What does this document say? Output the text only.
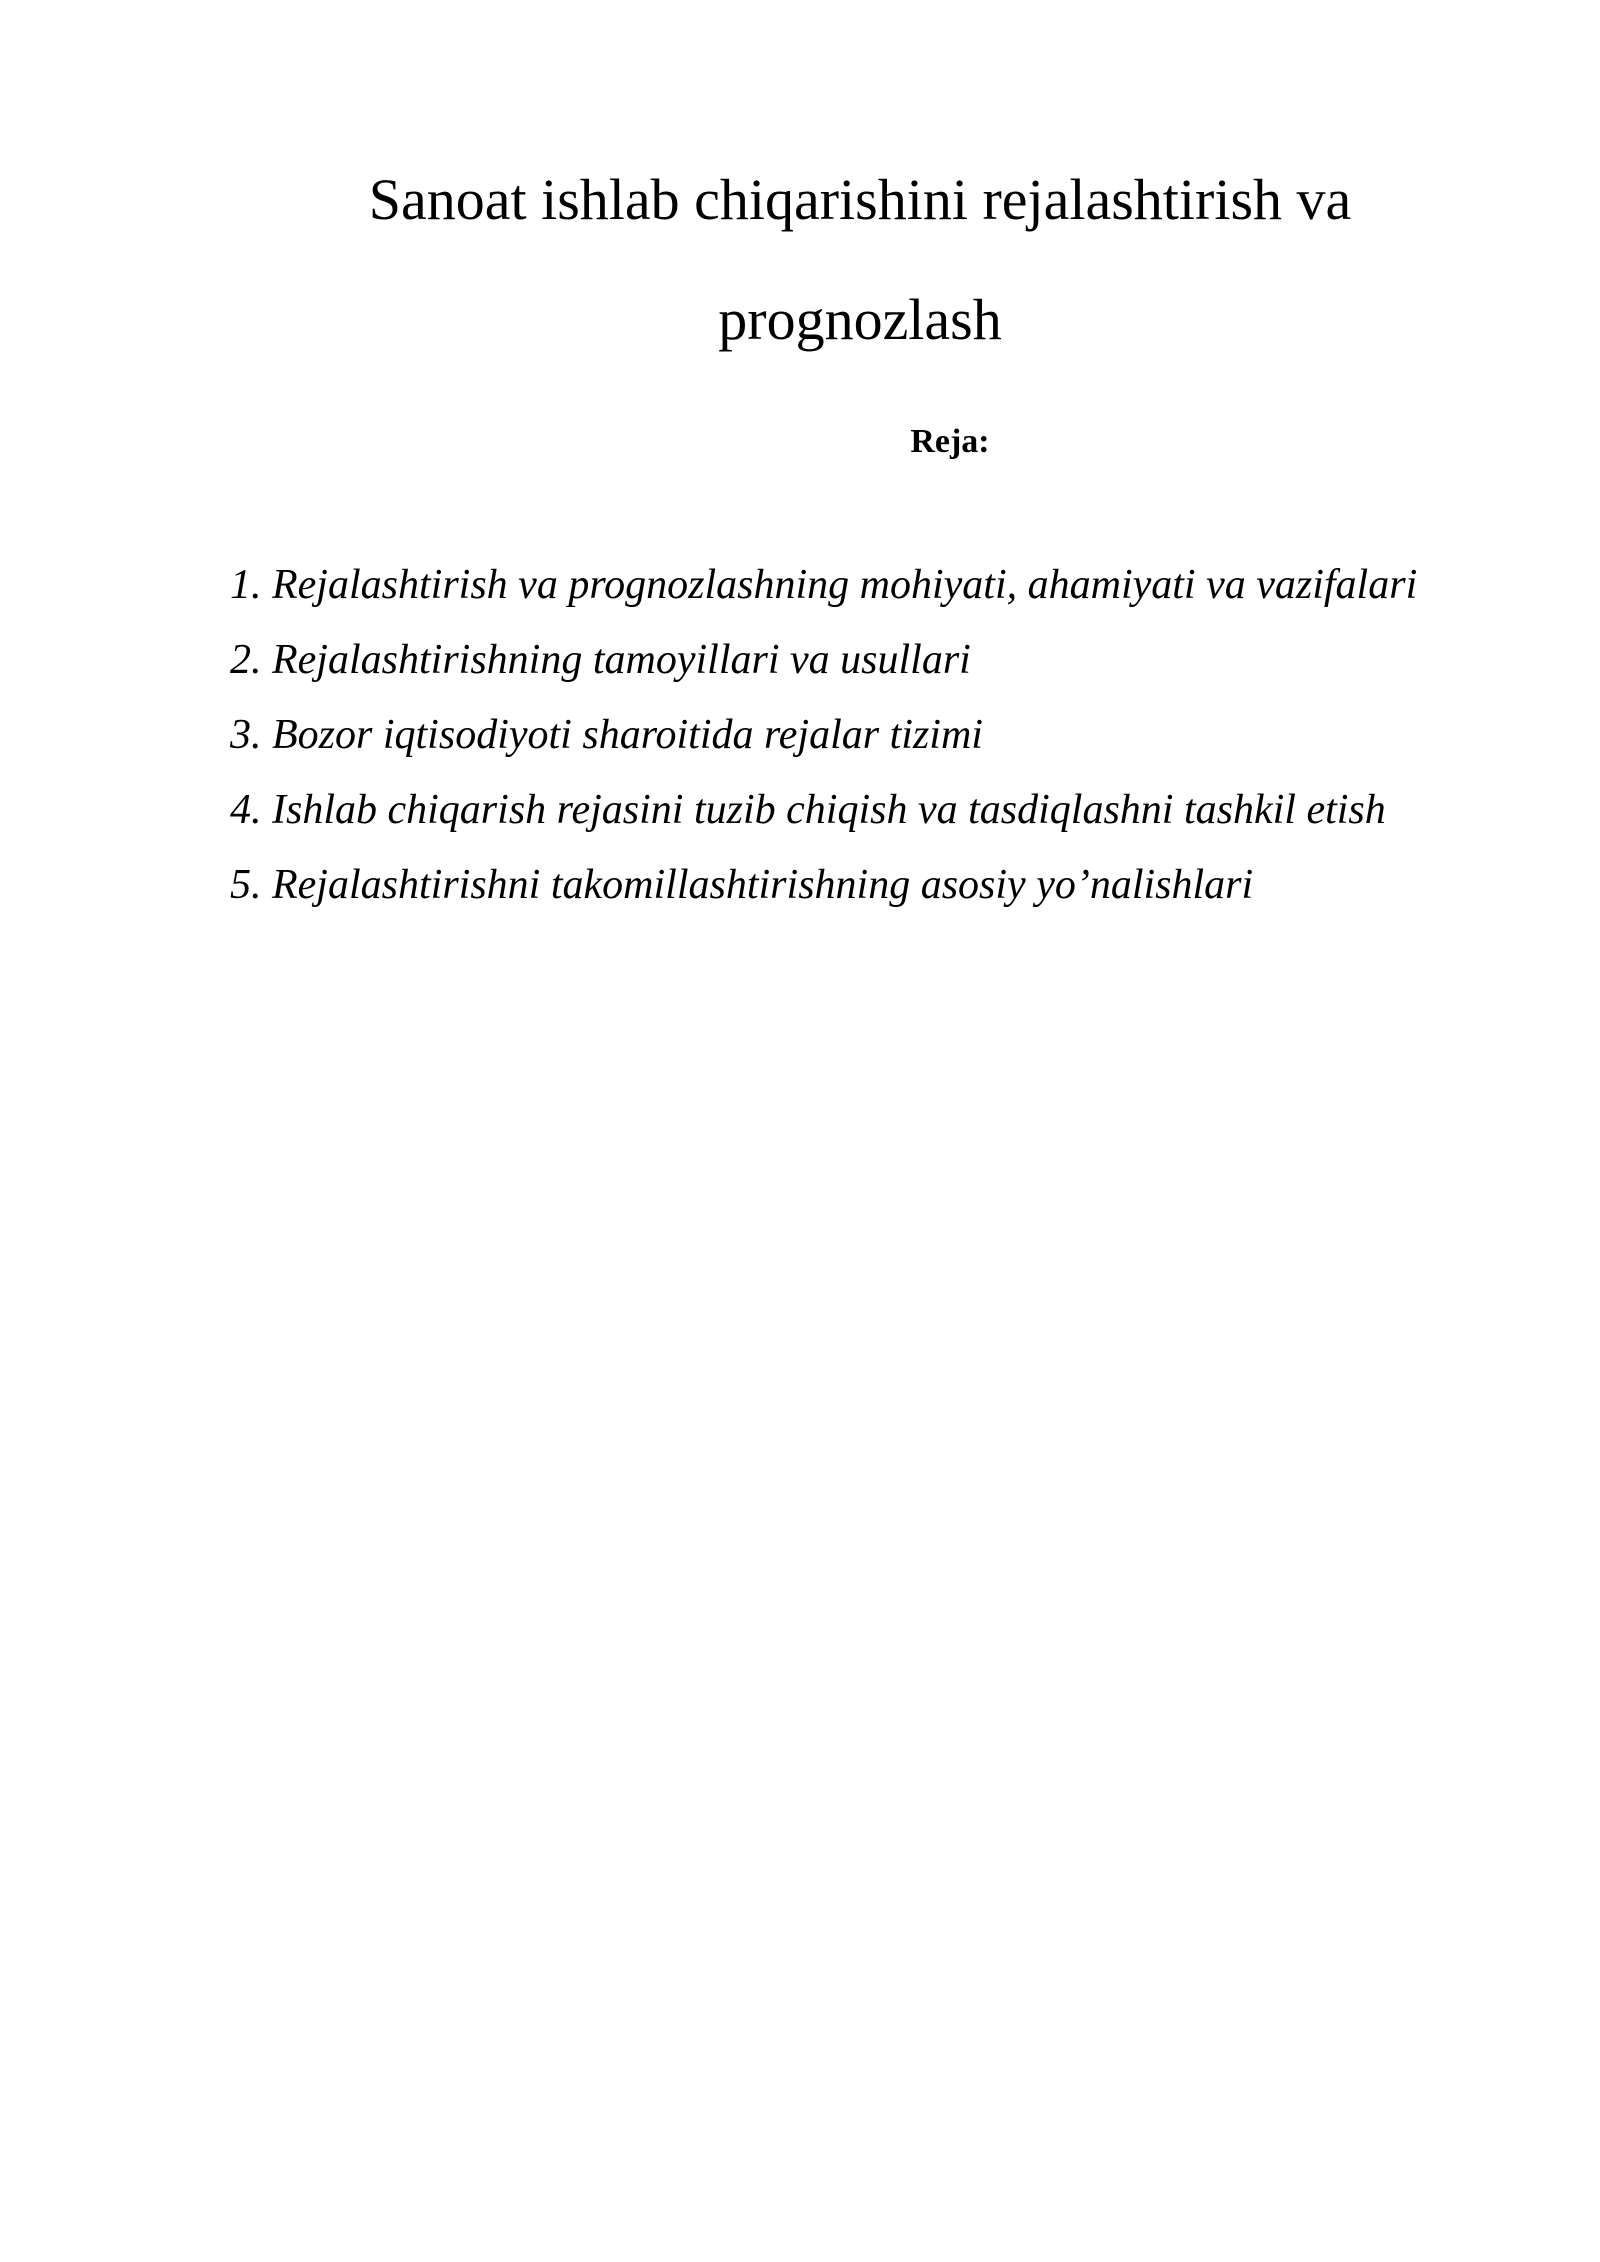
Sanoat ishlab chiqarishini rejalashtirish va
prognozlash
Reja:
1. Rejalashtirish va prognozlashning mohiyati, ahamiyati va vazifalari
2. Rejalashtirishning tamoyillari va usullari
3. Bozor iqtisodiyoti sharoitida rejalar tizimi
4. Ishlab chiqarish rejasini tuzib chiqish va tasdiqlashni tashkil etish
5. Rejalashtirishni takomillashtirishning asosiy yo’nalishlari
